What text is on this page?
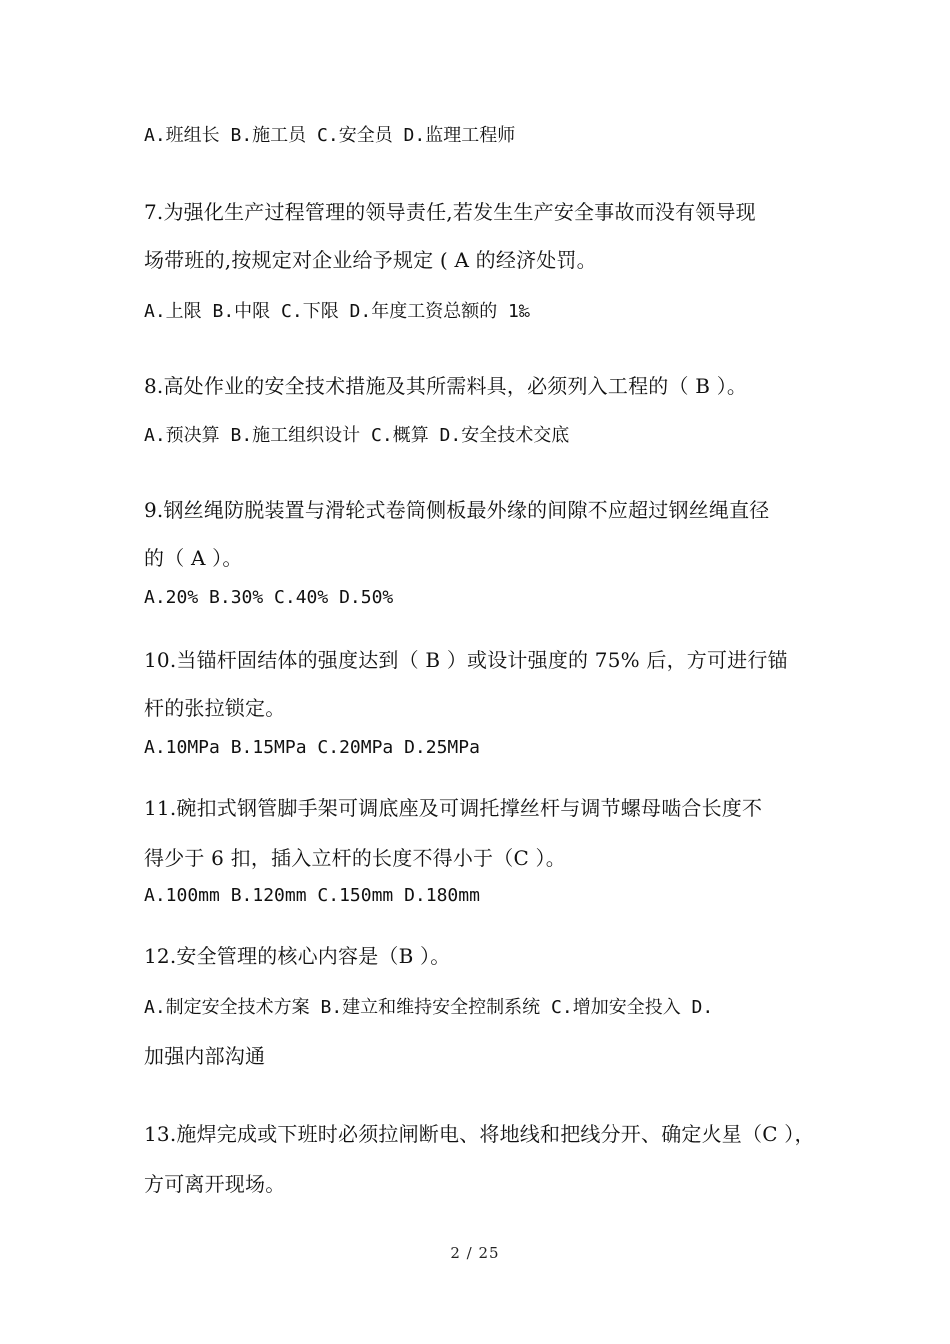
A.班组长 B.施工员 C.安全员 D.监理工程师
7.为强化生产过程管理的领导责任,若发生生产安全事故而没有领导现
场带班的,按规定对企业给予规定 ( A 的经济处罚。
A.上限 B.中限 C.下限 D.年度工资总额的 1‰
8.高处作业的安全技术措施及其所需料具，必须列入工程的（ B ）。
A.预决算 B.施工组织设计 C.概算 D.安全技术交底
9.钢丝绳防脱装置与滑轮式卷筒侧板最外缘的间隙不应超过钢丝绳直径
的（ A ）。
A.20% B.30% C.40% D.50%
10.当锚杆固结体的强度达到（ B ）或设计强度的 75% 后，方可进行锚
杆的张拉锁定。
A.10MPa B.15MPa C.20MPa D.25MPa
11.碗扣式钢管脚手架可调底座及可调托撑丝杆与调节螺母啮合长度不
得少于 6 扣，插入立杆的长度不得小于（C ）。
A.100mm B.120mm C.150mm D.180mm
12.安全管理的核心内容是（B ）。
A.制定安全技术方案 B.建立和维持安全控制系统 C.增加安全投入 D.
加强内部沟通
13.施焊完成或下班时必须拉闸断电、将地线和把线分开、确定火星（C ），
方可离开现场。
2 / 25
